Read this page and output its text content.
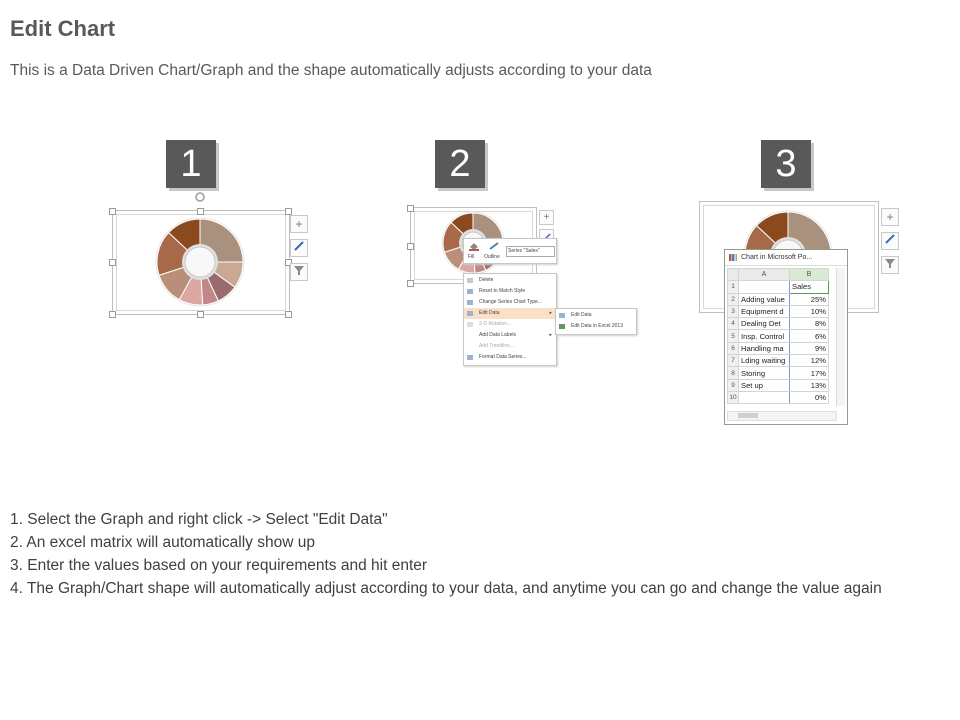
Edit Chart
This is a Data Driven Chart/Graph and the shape automatically adjusts according to your data
1
+
2
+
Fill Outline
Series "Sales"
Delete
Reset to Match Style
Change Series Chart Type...
Edit Data	▸
3-D Rotation...
Add Data Labels	▸
Add Trendline...
Format Data Series...
Edit Data
Edit Data in Excel 2013
3
+
Chart in Microsoft Po...
	A	B
1		Sales
2	Adding value	25%
3	Equipment d	10%
4	Dealing Det	8%
5	Insp. Control	6%
6	Handling ma	9%
7	Lding waiting	12%
8	Storing	17%
9	Set up	13%
10		0%
1. Select the Graph and right click -> Select "Edit Data"
2. An excel matrix will automatically show up
3. Enter the values based on your requirements and hit enter
4. The Graph/Chart shape will automatically adjust according to your data, and anytime you can go and change the value again
